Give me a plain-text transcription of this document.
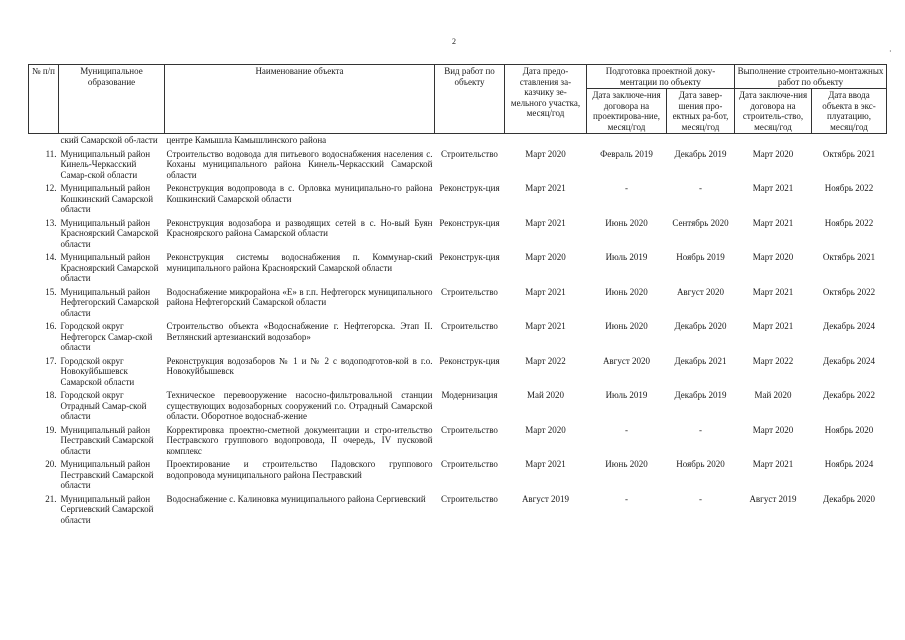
2
·
№ п/п	Муниципальное образование	Наименование объекта	Вид работ по объекту	Дата предо-ставления за-казчику зе-мельного участка, месяц/год	Подготовка проектной доку-ментации по объекту		Выполнение строительно-монтажных работ по объекту	
					Дата заключе-ния договора на проектирова-ние, месяц/год	Дата завер-шения про-ектных ра-бот, месяц/год	Дата заключе-ния договора на строитель-ство, месяц/год	Дата ввода объекта в экс-плуатацию, месяц/год
	ский Самарской об-ласти	центре Камышла Камышлинского района						
11.	Муниципальный район Кинель-Черкасский Самар-ской области	Строительство водовода для питьевого водоснабжения населения с. Коханы муниципального района Кинель-Черкасский Самарской области	Строительство	Март 2020	Февраль 2019	Декабрь 2019	Март 2020	Октябрь 2021
12.	Муниципальный район Кошкинский Самарской области	Реконструкция водопровода в с. Орловка муниципально-го района Кошкинский Самарской области	Реконструк-ция	Март 2021	-	-	Март 2021	Ноябрь 2022
13.	Муниципальный район Красноярский Самарской области	Реконструкция водозабора и разводящих сетей в с. Но-вый Буян Красноярского района Самарской области	Реконструк-ция	Март 2021	Июнь 2020	Сентябрь 2020	Март 2021	Ноябрь 2022
14.	Муниципальный район Красноярский Самарской области	Реконструкция системы водоснабжения п. Коммунар-ский муниципального района Красноярский Самарской области	Реконструк-ция	Март 2020	Июль 2019	Ноябрь 2019	Март 2020	Октябрь 2021
15.	Муниципальный район Нефтегорский Самарской области	Водоснабжение микрорайона «Е» в г.п. Нефтегорск муниципального района Нефтегорский Самарской области	Строительство	Март 2021	Июнь 2020	Август 2020	Март 2021	Октябрь 2022
16.	Городской округ Нефтегорск Самар-ской области	Строительство объекта «Водоснабжение г. Нефтегорска. Этап II. Ветлянский артезианский водозабор»	Строительство	Март 2021	Июнь 2020	Декабрь 2020	Март 2021	Декабрь 2024
17.	Городской округ Новокуйбышевск Самарской области	Реконструкция водозаборов № 1 и № 2 с водоподготов-кой в г.о. Новокуйбышевск	Реконструк-ция	Март 2022	Август 2020	Декабрь 2021	Март 2022	Декабрь 2024
18.	Городской округ Отрадный Самар-ской области	Техническое перевооружение насосно-фильтровальной станции существующих водозаборных сооружений г.о. Отрадный Самарской области. Оборотное водоснаб-жение	Модернизация	Май 2020	Июль 2019	Декабрь 2019	Май 2020	Декабрь 2022
19.	Муниципальный район Пестравский Самарской области	Корректировка проектно-сметной документации и стро-ительство Пестравского группового водопровода, II очередь, IV пусковой комплекс	Строительство	Март 2020	-	-	Март 2020	Ноябрь 2020
20.	Муниципальный район Пестравский Самарской области	Проектирование и строительство Падовского группового водопровода муниципального района Пестравский	Строительство	Март 2021	Июнь 2020	Ноябрь 2020	Март 2021	Ноябрь 2024
21.	Муниципальный район Сергиевский Самарской области	Водоснабжение с. Калиновка муниципального района Сергиевский	Строительство	Август 2019	-	-	Август 2019	Декабрь 2020
